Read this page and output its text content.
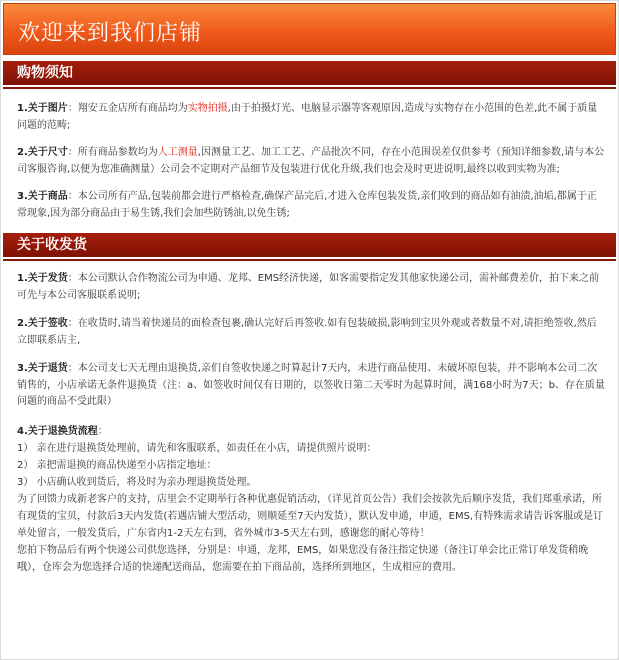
欢迎来到我们店铺
购物须知
1.关于图片：翔安五金店所有商品均为实物拍摄,由于拍摄灯光、电脑显示器等客观原因,造成与实物存在小范围的色差,此不属于质量问题的范畴;
2.关于尺寸：所有商品参数均为人工测量,因测量工艺、加工工艺、产品批次不同，存在小范围误差仅供参考（预知详细参数,请与本公司客服咨询,以便为您准确测量）公司会不定期对产品细节及包装进行优化升级,我们也会及时更进说明,最终以收到实物为准;
3.关于商品：本公司所有产品,包装前都会进行严格检查,确保产品完后,才进入仓库包装发货,亲们收到的商品如有油渍,油垢,都属于正常现象,因为部分商品由于易生锈,我们会加些防锈油,以免生锈;
关于收发货
1.关于发货：本公司默认合作物流公司为申通、龙邦、EMS经济快递，如客需要指定发其他家快递公司，需补邮费差价，拍下来之前可先与本公司客服联系说明;
2.关于签收：在收货时,请当着快递员的面检查包裹,确认完好后再签收.如有包装破损,影响到宝贝外观或者数量不对,请拒绝签收,然后立即联系店主,
3.关于退货：本公司支七天无理由退换货,亲们自签收快递之时算起计7天内，未进行商品使用、未破坏原包装，并不影响本公司二次销售的，小店承诺无条件退换货（注：a、如签收时间仅有日期的，以签收日第二天零时为起算时间，满168小时为7天；b、存在质量问题的商品不受此限）
4.关于退换货流程：
1） 亲在进行退换货处理前，请先和客服联系，如责任在小店，请提供照片说明：
2） 亲把需退换的商品快递至小店指定地址：
3） 小店确认收到货后，将及时为亲办理退换货处理。
为了回馈力成新老客户的支持，店里会不定期举行各种优惠促销活动，（详见首页公告）我们会按款先后顺序发货，我们郑重承诺，所有现货的宝贝，付款后3天内发货(若遇店铺大型活动，则顺延至7天内发货），默认发申通，申通，EMS,有特殊需求请告诉客服或是订单处留言，一般发货后，广东省内1-2天左右到，省外城市3-5天左右到，感谢您的耐心等待！
您拍下物品后有两个快递公司供您选择，分别是：申通，龙邦，EMS，如果您没有备注指定快递（备注订单会比正常订单发货稍晚哦），仓库会为您选择合适的快递配送商品，您需要在拍下商品前，选择所到地区，生成相应的费用。
